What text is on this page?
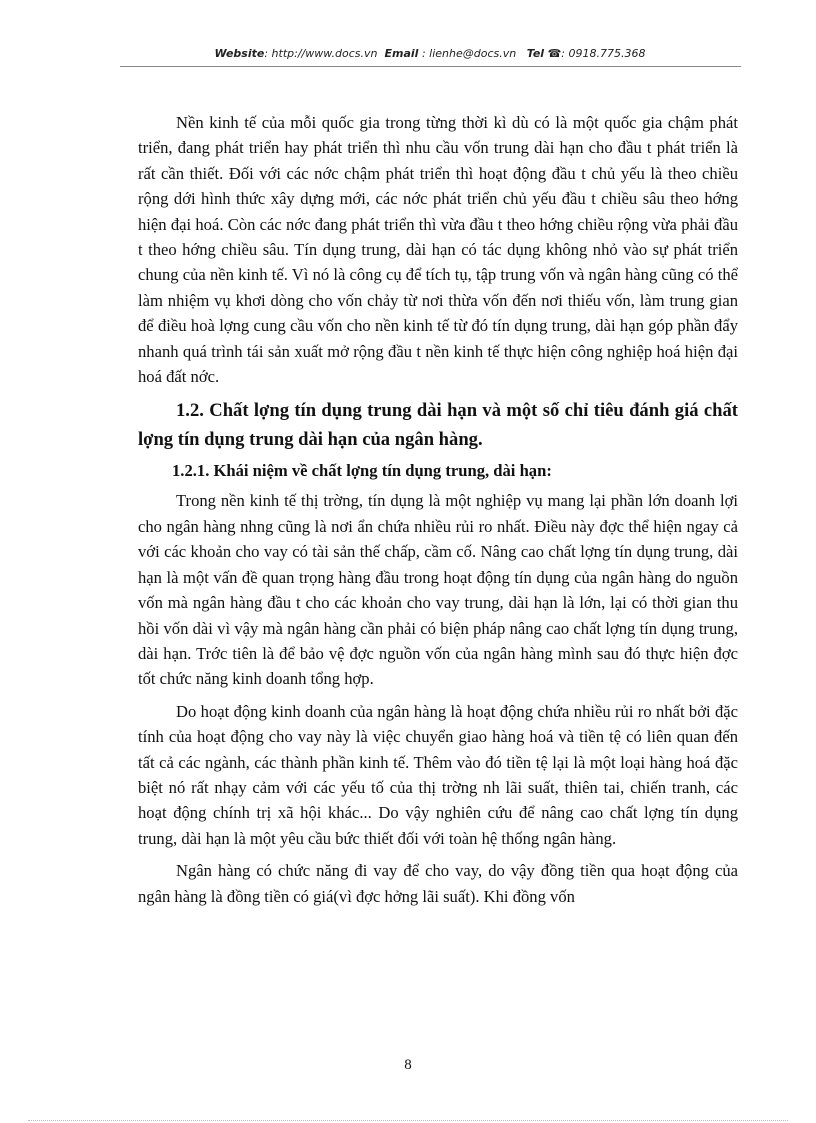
Website: http://www.docs.vn Email : lienhe@docs.vn Tel ☎: 0918.775.368

Nền kinh tế của mỗi quốc gia trong từng thời kì dù có là một quốc gia chậm phát triển, đang phát triển hay phát triển thì nhu cầu vốn trung dài hạn cho đầu t phát triển là rất cần thiết. Đối với các nớc chậm phát triển thì hoạt động đầu t chủ yếu là theo chiều rộng dới hình thức xây dựng mới, các nớc phát triển chủ yếu đầu t chiều sâu theo hớng hiện đại hoá. Còn các nớc đang phát triển thì vừa đầu t theo hớng chiều rộng vừa phải đầu t theo hớng chiều sâu. Tín dụng trung, dài hạn có tác dụng không nhỏ vào sự phát triển chung của nền kinh tế. Vì nó là công cụ để tích tụ, tập trung vốn và ngân hàng cũng có thể làm nhiệm vụ khơi dòng cho vốn chảy từ nơi thừa vốn đến nơi thiếu vốn, làm trung gian để điều hoà lợng cung cầu vốn cho nền kinh tế từ đó tín dụng trung, dài hạn góp phần đẩy nhanh quá trình tái sản xuất mở rộng đầu t nền kinh tế thực hiện công nghiệp hoá hiện đại hoá đất nớc.

1.2. Chất lợng tín dụng trung dài hạn và một số chỉ tiêu đánh giá chất lợng tín dụng trung dài hạn của ngân hàng.
1.2.1. Khái niệm về chất lợng tín dụng trung, dài hạn:

Trong nền kinh tế thị trờng, tín dụng là một nghiệp vụ mang lại phần lớn doanh lợi cho ngân hàng nhng cũng là nơi ẩn chứa nhiều rủi ro nhất. Điều này đợc thể hiện ngay cả với các khoản cho vay có tài sản thế chấp, cầm cố. Nâng cao chất lợng tín dụng trung, dài hạn là một vấn đề quan trọng hàng đầu trong hoạt động tín dụng của ngân hàng do nguồn vốn mà ngân hàng đầu t cho các khoản cho vay trung, dài hạn là lớn, lại có thời gian thu hồi vốn dài vì vậy mà ngân hàng cần phải có biện pháp nâng cao chất lợng tín dụng trung, dài hạn. Trớc tiên là để bảo vệ đợc nguồn vốn của ngân hàng mình sau đó thực hiện đợc tốt chức năng kinh doanh tổng hợp.

Do hoạt động kinh doanh của ngân hàng là hoạt động chứa nhiều rủi ro nhất bởi đặc tính của hoạt động cho vay này là việc chuyển giao hàng hoá và tiền tệ có liên quan đến tất cả các ngành, các thành phần kinh tế. Thêm vào đó tiền tệ lại là một loại hàng hoá đặc biệt nó rất nhạy cảm với các yếu tố của thị trờng nh lãi suất, thiên tai, chiến tranh, các hoạt động chính trị xã hội khác... Do vậy nghiên cứu để nâng cao chất lợng tín dụng trung, dài hạn là một yêu cầu bức thiết đối với toàn hệ thống ngân hàng.

Ngân hàng có chức năng đi vay để cho vay, do vậy đồng tiền qua hoạt động của ngân hàng là đồng tiền có giá(vì đợc hởng lãi suất). Khi đồng vốn

8
